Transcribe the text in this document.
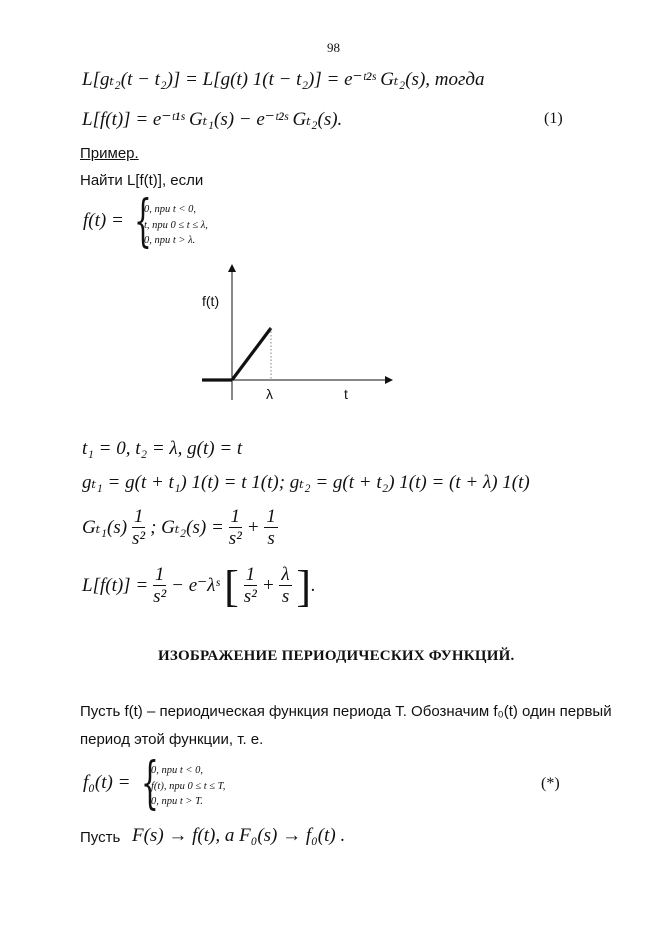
98
L[gₜ₂(t − t₂)] = L[g(t) 1(t − t₂)] = e⁻ᵗ²ˢ Gₜ₂(s), тогда
L[f(t)] = e⁻ᵗ¹ˢ Gₜ₁(s) − e⁻ᵗ²ˢ Gₜ₂(s).	(1)
Пример.
Найти L[f(t)], если
f(t) = {
0, при t < 0,
t, при 0 ≤ t ≤ λ,
0, при t > λ.
f(t)
λ	t
t₁ = 0, t₂ = λ, g(t) = t
gₜ₁ = g(t + t₁) 1(t) = t 1(t); gₜ₂ = g(t + t₂) 1(t) = (t + λ) 1(t)
$G_{t1}(s) \frac{1}{\text{s²}}$ ; $G_{t2}(s) = \frac{1}{\text{s²}} + \frac{1}{s}$
$L[f(t)] = \frac{1}{\text{s²}}$ − e⁻λˢ [ $\frac{1}{\text{s²}} + \frac{\lambda}{s}$ ].
ИЗОБРАЖЕНИЕ ПЕРИОДИЧЕСКИХ ФУНКЦИЙ.
Пусть f(t) – периодическая функция периода T. Обозначим f₀(t) один первый
период этой функции, т. е.
f₀(t) = {
0, при t < 0,
f(t), при 0 ≤ t ≤ T,
0, при t > T.
(*)
Пусть F(s) → f(t), a F₀(s) → f₀(t) .
